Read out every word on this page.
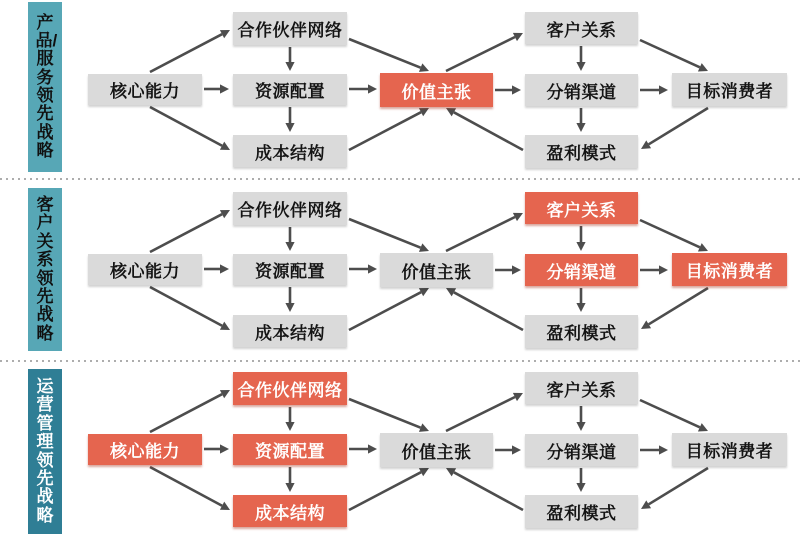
产品/服务领先战略
核心能力
合作伙伴网络
资源配置
成本结构
价值主张
客户关系
分销渠道
盈利模式
目标消费者
客户关系领先战略
核心能力
合作伙伴网络
资源配置
成本结构
价值主张
客户关系
分销渠道
盈利模式
目标消费者
运营管理领先战略
核心能力
合作伙伴网络
资源配置
成本结构
价值主张
客户关系
分销渠道
盈利模式
目标消费者
